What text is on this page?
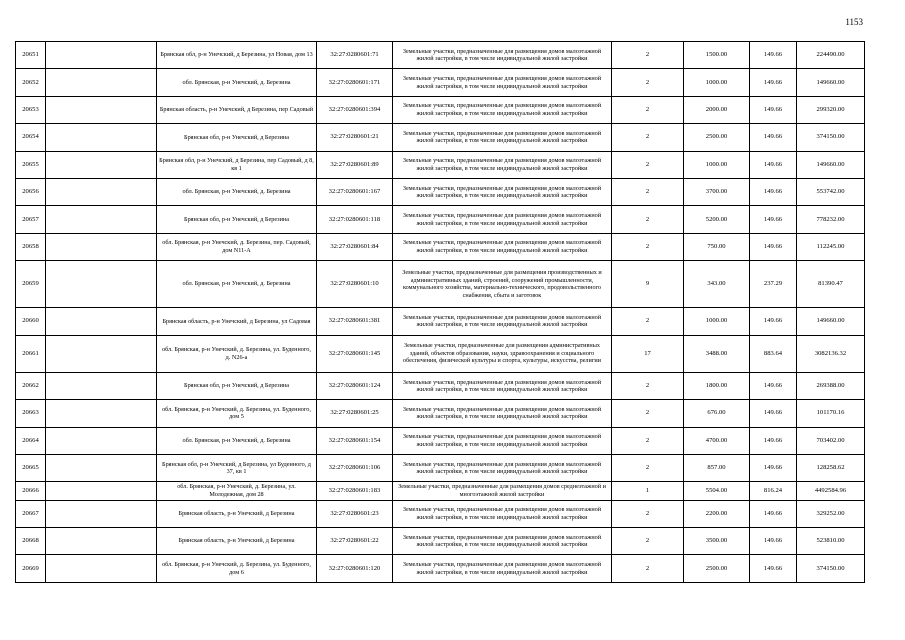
1153
20651		Брянская обл, р-н Унечский, д Березина, ул Новая, дом 13	32:27:0280601:71	Земельные участки, предназначенные для размещения домов малоэтажной жилой застройки, в том числе индивидуальной жилой застройки	2	1500.00	149.66	224490.00
20652		обл. Брянская, р-н Унечский, д. Березина	32:27:0280601:171	Земельные участки, предназначенные для размещения домов малоэтажной жилой застройки, в том числе индивидуальной жилой застройки	2	1000.00	149.66	149660.00
20653		Брянская область, р-н Унечский, д Березина, пер Садовый	32:27:0280601:394	Земельные участки, предназначенные для размещения домов малоэтажной жилой застройки, в том числе индивидуальной жилой застройки	2	2000.00	149.66	299320.00
20654		Брянская обл, р-н Унечский, д Березина	32:27:0280601:21	Земельные участки, предназначенные для размещения домов малоэтажной жилой застройки, в том числе индивидуальной жилой застройки	2	2500.00	149.66	374150.00
20655		Брянская обл, р-н Унечский, д Березина, пер Садовый, д 8, кв 1	32:27:0280601:89	Земельные участки, предназначенные для размещения домов малоэтажной жилой застройки, в том числе индивидуальной жилой застройки	2	1000.00	149.66	149660.00
20656		обл. Брянская, р-н Унечский, д. Березина	32:27:0280601:167	Земельные участки, предназначенные для размещения домов малоэтажной жилой застройки, в том числе индивидуальной жилой застройки	2	3700.00	149.66	553742.00
20657		Брянская обл, р-н Унечский, д Березина	32:27:0280601:118	Земельные участки, предназначенные для размещения домов малоэтажной жилой застройки, в том числе индивидуальной жилой застройки	2	5200.00	149.66	778232.00
20658		обл. Брянская, р-н Унечский, д. Березина, пер. Садовый, дом N11-А	32:27:0280601:84	Земельные участки, предназначенные для размещения домов малоэтажной жилой застройки, в том числе индивидуальной жилой застройки	2	750.00	149.66	112245.00
20659		обл. Брянская, р-н Унечский, д. Березина	32:27:0280601:10	Земельные участки, предназначенные для размещения производственных и административных зданий, строений, сооружений промышленности, коммунального хозяйства, материально-технического, продовольственного снабжения, сбыта и заготовок	9	343.00	237.29	81390.47
20660		Брянская область, р-н Унечский, д Березина, ул Садовая	32:27:0280601:381	Земельные участки, предназначенные для размещения домов малоэтажной жилой застройки, в том числе индивидуальной жилой застройки	2	1000.00	149.66	149660.00
20661		обл. Брянская, р-н Унечский, д. Березина, ул. Буденного, д. N26-а	32:27:0280601:145	Земельные участки, предназначенные для размещения административных зданий, объектов образования, науки, здравоохранения и социального обеспечения, физической культуры и спорта, культуры, искусства, религии	17	3488.00	883.64	3082136.32
20662		Брянская обл, р-н Унечский, д Березина	32:27:0280601:124	Земельные участки, предназначенные для размещения домов малоэтажной жилой застройки, в том числе индивидуальной жилой застройки	2	1800.00	149.66	269388.00
20663		обл. Брянская, р-н Унечский, д. Березина, ул. Буденного, дом 5	32:27:0280601:25	Земельные участки, предназначенные для размещения домов малоэтажной жилой застройки, в том числе индивидуальной жилой застройки	2	676.00	149.66	101170.16
20664		обл. Брянская, р-н Унечский, д. Березина	32:27:0280601:154	Земельные участки, предназначенные для размещения домов малоэтажной жилой застройки, в том числе индивидуальной жилой застройки	2	4700.00	149.66	703402.00
20665		Брянская обл, р-н Унечский, д Березина, ул Буденного, д 37, кв 1	32:27:0280601:106	Земельные участки, предназначенные для размещения домов малоэтажной жилой застройки, в том числе индивидуальной жилой застройки	2	857.00	149.66	128258.62
20666		обл. Брянская, р-н Унечский, д. Березина, ул. Молодежная, дом 28	32:27:0280601:183	Земельные участки, предназначенные для размещения домов среднеэтажной и многоэтажной жилой застройки	1	5504.00	816.24	4492584.96
20667		Брянская область, р-н Унечский, д Березина	32:27:0280601:23	Земельные участки, предназначенные для размещения домов малоэтажной жилой застройки, в том числе индивидуальной жилой застройки	2	2200.00	149.66	329252.00
20668		Брянская область, р-н Унечский, д Березина	32:27:0280601:22	Земельные участки, предназначенные для размещения домов малоэтажной жилой застройки, в том числе индивидуальной жилой застройки	2	3500.00	149.66	523810.00
20669		обл. Брянская, р-н Унечский, д. Березина, ул. Буденного, дом 6	32:27:0280601:120	Земельные участки, предназначенные для размещения домов малоэтажной жилой застройки, в том числе индивидуальной жилой застройки	2	2500.00	149.66	374150.00
